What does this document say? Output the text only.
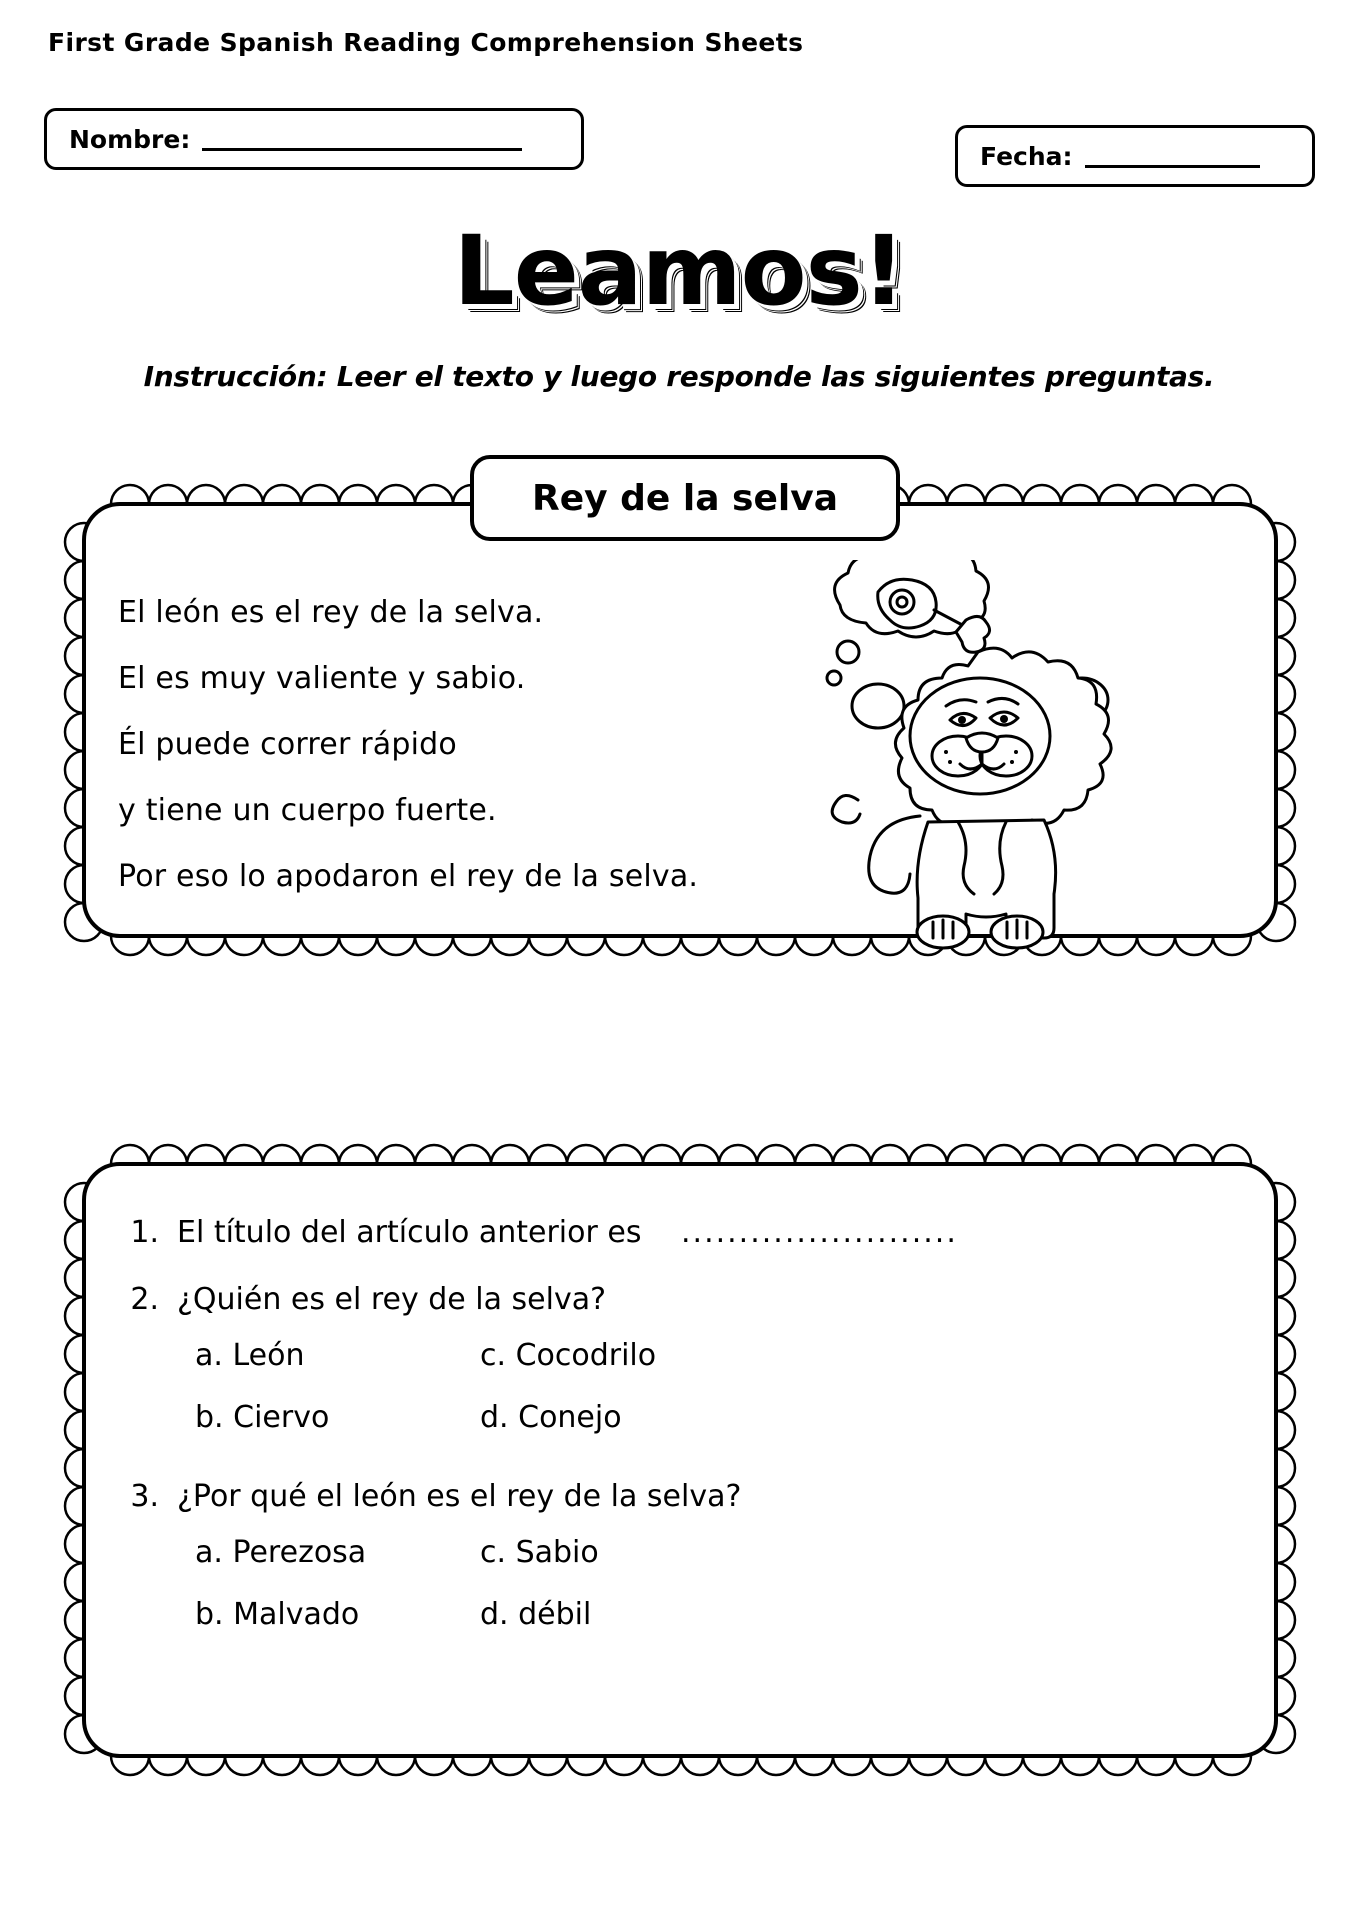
First Grade Spanish Reading Comprehension Sheets
Nombre:
Fecha:
Leamos!
Instrucción: Leer el texto y luego responde las siguientes preguntas.
Rey de la selva
El león es el rey de la selva.
El es muy valiente y sabio.
Él puede correr rápido
y tiene un cuerpo fuerte.
Por eso lo apodaron el rey de la selva.
1. El título del artículo anterior es ........................
2. ¿Quién es el rey de la selva?
a. León	c. Cocodrilo
b. Ciervo	d. Conejo
3. ¿Por qué el león es el rey de la selva?
a. Perezosa	c. Sabio
b. Malvado	d. débil
